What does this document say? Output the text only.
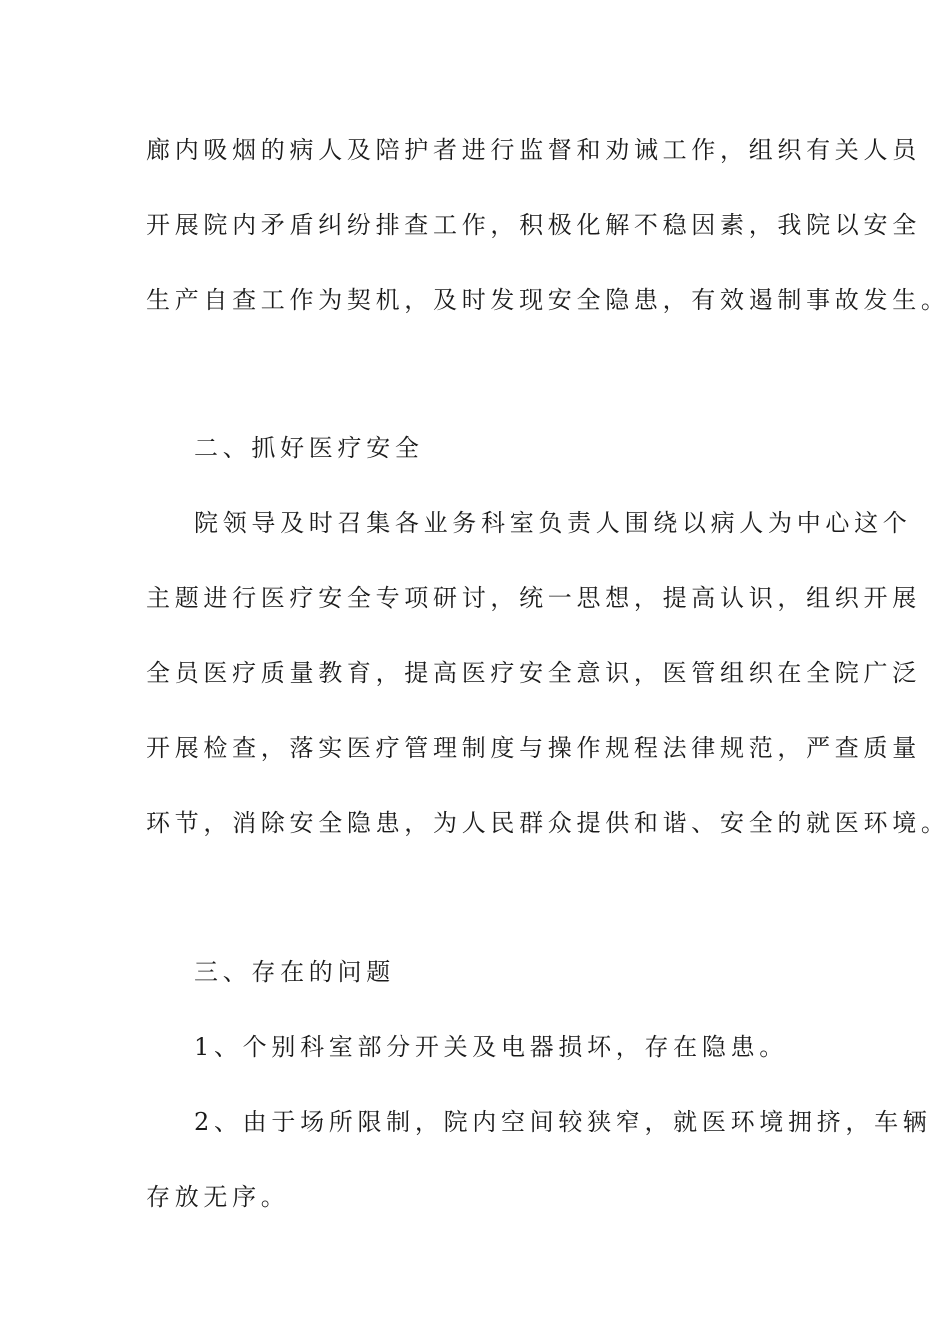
廊内吸烟的病人及陪护者进行监督和劝诫工作，组织有关人员
开展院内矛盾纠纷排查工作，积极化解不稳因素，我院以安全
生产自查工作为契机，及时发现安全隐患，有效遏制事故发生。
二、抓好医疗安全
院领导及时召集各业务科室负责人围绕以病人为中心这个
主题进行医疗安全专项研讨，统一思想，提高认识，组织开展
全员医疗质量教育，提高医疗安全意识，医管组织在全院广泛
开展检查，落实医疗管理制度与操作规程法律规范，严查质量
环节，消除安全隐患，为人民群众提供和谐、安全的就医环境。
三、存在的问题
1、个别科室部分开关及电器损坏，存在隐患。
2、由于场所限制，院内空间较狭窄，就医环境拥挤，车辆
存放无序。
